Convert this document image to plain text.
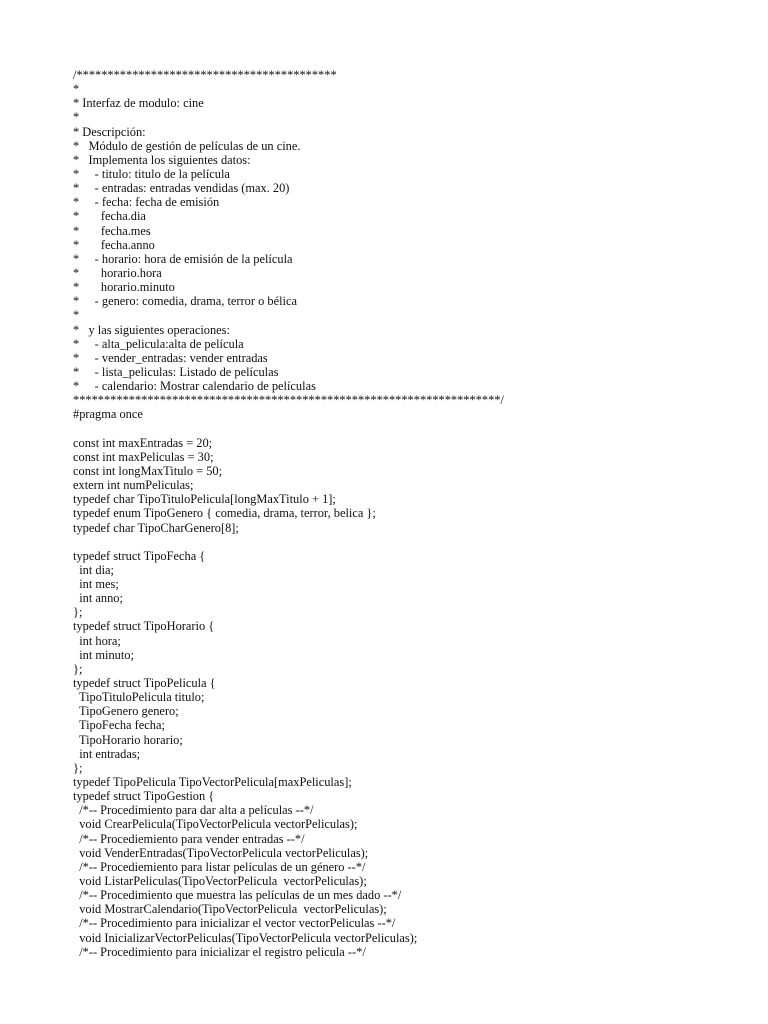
/******************************************
*
* Interfaz de modulo: cine
*
* Descripción:
*   Módulo de gestión de películas de un cine.
*   Implementa los siguientes datos:
*     - titulo: titulo de la película
*     - entradas: entradas vendidas (max. 20)
*     - fecha: fecha de emisión
*       fecha.dia
*       fecha.mes
*       fecha.anno
*     - horario: hora de emisión de la película
*       horario.hora
*       horario.minuto
*     - genero: comedia, drama, terror o bélica
*
*   y las siguientes operaciones:
*     - alta_pelicula:alta de película
*     - vender_entradas: vender entradas
*     - lista_peliculas: Listado de películas
*     - calendario: Mostrar calendario de películas
*********************************************************************/
#pragma once
const int maxEntradas = 20;
const int maxPeliculas = 30;
const int longMaxTitulo = 50;
extern int numPeliculas;
typedef char TipoTituloPelicula[longMaxTitulo + 1];
typedef enum TipoGenero { comedia, drama, terror, belica };
typedef char TipoCharGenero[8];
typedef struct TipoFecha {
int dia;
int mes;
int anno;
};
typedef struct TipoHorario {
int hora;
int minuto;
};
typedef struct TipoPelicula {
TipoTituloPelicula titulo;
TipoGenero genero;
TipoFecha fecha;
TipoHorario horario;
int entradas;
};
typedef TipoPelicula TipoVectorPelicula[maxPeliculas];
typedef struct TipoGestion {
/*-- Procedimiento para dar alta a películas --*/
void CrearPelicula(TipoVectorPelicula vectorPeliculas);
/*-- Procediemiento para vender entradas --*/
void VenderEntradas(TipoVectorPelicula vectorPeliculas);
/*-- Procediemiento para listar películas de un género --*/
void ListarPeliculas(TipoVectorPelicula  vectorPeliculas);
/*-- Procedimiento que muestra las películas de un mes dado --*/
void MostrarCalendario(TipoVectorPelicula  vectorPeliculas);
/*-- Procedimiento para inicializar el vector vectorPeliculas --*/
void InicializarVectorPeliculas(TipoVectorPelicula vectorPeliculas);
/*-- Procedimiento para inicializar el registro pelicula --*/
